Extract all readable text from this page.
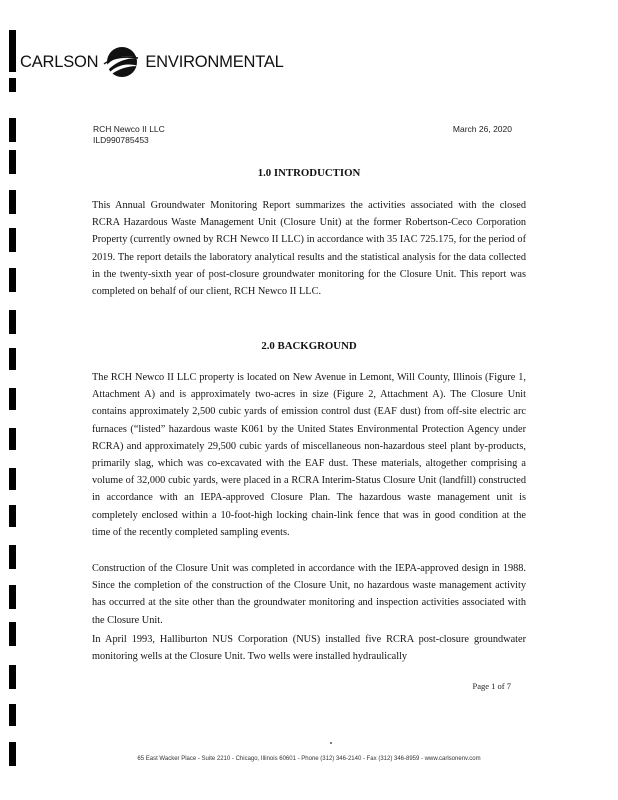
CARLSON	ENVIRONMENTAL
RCH Newco II LLC
ILD990785453
March 26, 2020
1.0 INTRODUCTION
This Annual Groundwater Monitoring Report summarizes the activities associated with the closed RCRA Hazardous Waste Management Unit (Closure Unit) at the former Robertson-Ceco Corporation Property (currently owned by RCH Newco II LLC) in accordance with 35 IAC 725.175, for the period of 2019. The report details the laboratory analytical results and the statistical analysis for the data collected in the twenty-sixth year of post-closure groundwater monitoring for the Closure Unit. This report was completed on behalf of our client, RCH Newco II LLC.
2.0 BACKGROUND
The RCH Newco II LLC property is located on New Avenue in Lemont, Will County, Illinois (Figure 1, Attachment A) and is approximately two-acres in size (Figure 2, Attachment A). The Closure Unit contains approximately 2,500 cubic yards of emission control dust (EAF dust) from off-site electric arc furnaces (“listed” hazardous waste K061 by the United States Environmental Protection Agency under RCRA) and approximately 29,500 cubic yards of miscellaneous non-hazardous steel plant by-products, primarily slag, which was co-excavated with the EAF dust. These materials, altogether comprising a volume of 32,000 cubic yards, were placed in a RCRA Interim-Status Closure Unit (landfill) constructed in accordance with an IEPA-approved Closure Plan. The hazardous waste management unit is completely enclosed within a 10-foot-high locking chain-link fence that was in good condition at the time of the recently completed sampling events.
Construction of the Closure Unit was completed in accordance with the IEPA-approved design in 1988. Since the completion of the construction of the Closure Unit, no hazardous waste management activity has occurred at the site other than the groundwater monitoring and inspection activities associated with the Closure Unit.
In April 1993, Halliburton NUS Corporation (NUS) installed five RCRA post-closure groundwater monitoring wells at the Closure Unit. Two wells were installed hydraulically
Page 1 of 7
65 East Wacker Place - Suite 2210 - Chicago, Illinois 60601 - Phone (312) 346-2140 - Fax (312) 346-8959 - www.carlsonenv.com
